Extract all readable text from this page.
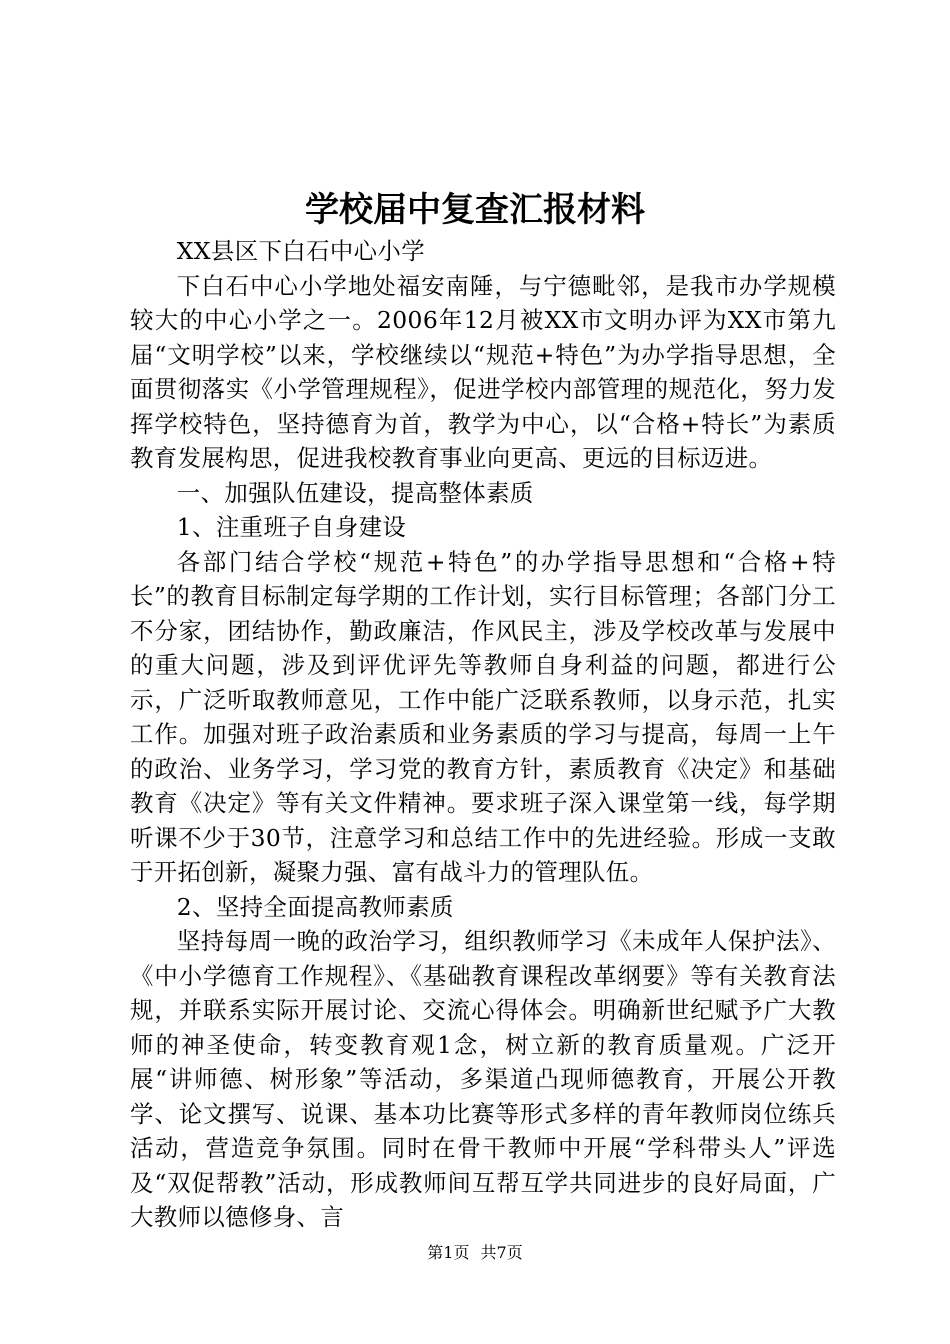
学校届中复查汇报材料

XX县区下白石中心小学

下白石中心小学地处福安南陲，与宁德毗邻，是我市办学规模较大的中心小学之一。2006年12月被XX市文明办评为XX市第九届“文明学校”以来，学校继续以“规范+特色”为办学指导思想，全面贯彻落实《小学管理规程》，促进学校内部管理的规范化，努力发挥学校特色，坚持德育为首，教学为中心，以“合格+特长”为素质教育发展构思，促进我校教育事业向更高、更远的目标迈进。

一、加强队伍建设，提高整体素质

1、注重班子自身建设

各部门结合学校“规范+特色”的办学指导思想和“合格+特长”的教育目标制定每学期的工作计划，实行目标管理；各部门分工不分家，团结协作，勤政廉洁，作风民主，涉及学校改革与发展中的重大问题，涉及到评优评先等教师自身利益的问题，都进行公示，广泛听取教师意见，工作中能广泛联系教师，以身示范，扎实工作。加强对班子政治素质和业务素质的学习与提高，每周一上午的政治、业务学习，学习党的教育方针，素质教育《决定》和基础教育《决定》等有关文件精神。要求班子深入课堂第一线，每学期听课不少于30节，注意学习和总结工作中的先进经验。形成一支敢于开拓创新，凝聚力强、富有战斗力的管理队伍。

2、坚持全面提高教师素质

坚持每周一晚的政治学习，组织教师学习《未成年人保护法》、《中小学德育工作规程》、《基础教育课程改革纲要》等有关教育法规，并联系实际开展讨论、交流心得体会。明确新世纪赋予广大教师的神圣使命，转变教育观1念，树立新的教育质量观。广泛开展“讲师德、树形象”等活动，多渠道凸现师德教育，开展公开教学、论文撰写、说课、基本功比赛等形式多样的青年教师岗位练兵活动，营造竞争氛围。同时在骨干教师中开展“学科带头人”评选及“双促帮教”活动，形成教师间互帮互学共同进步的良好局面，广大教师以德修身、言

第1页 共7页
